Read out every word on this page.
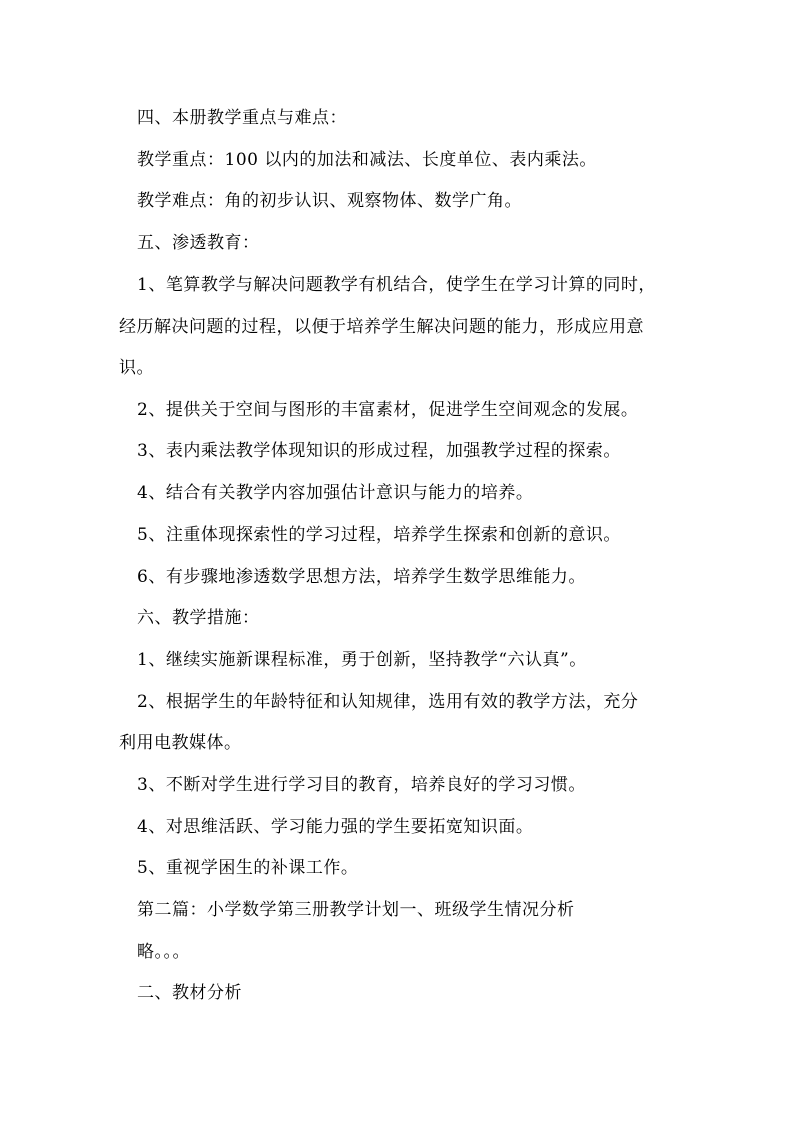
四、本册教学重点与难点：
教学重点：100 以内的加法和减法、长度单位、表内乘法。
教学难点：角的初步认识、观察物体、数学广角。
五、渗透教育：
1、笔算教学与解决问题教学有机结合，使学生在学习计算的同时，
经历解决问题的过程，以便于培养学生解决问题的能力，形成应用意
识。
2、提供关于空间与图形的丰富素材，促进学生空间观念的发展。
3、表内乘法教学体现知识的形成过程，加强教学过程的探索。
4、结合有关教学内容加强估计意识与能力的培养。
5、注重体现探索性的学习过程，培养学生探索和创新的意识。
6、有步骤地渗透数学思想方法，培养学生数学思维能力。
六、教学措施：
1、继续实施新课程标准，勇于创新，坚持教学“六认真”。
2、根据学生的年龄特征和认知规律，选用有效的教学方法，充分
利用电教媒体。
3、不断对学生进行学习目的教育，培养良好的学习习惯。
4、对思维活跃、学习能力强的学生要拓宽知识面。
5、重视学困生的补课工作。
第二篇：小学数学第三册教学计划一、班级学生情况分析
略。。。
二、教材分析
